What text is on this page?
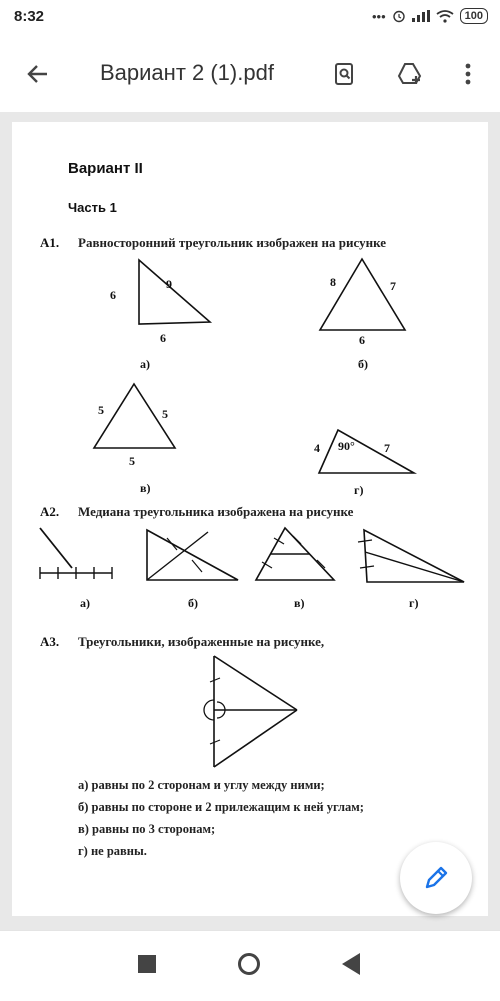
8:32	•••	100
Вариант 2 (1).pdf
Вариант II
Часть 1
А1. Равносторонний треугольник изображен на рисунке
6
9
6
а)
8	7
6
б)
5	5
5
в)
4 90° 7
г)
А2. Медиана треугольника изображена на рисунке
а)	б)	в)	г)
А3. Треугольники, изображенные на рисунке,
а) равны по 2 сторонам и углу между ними;
б) равны по стороне и 2 прилежащим к ней углам;
в) равны по 3 сторонам;
г) не равны.
